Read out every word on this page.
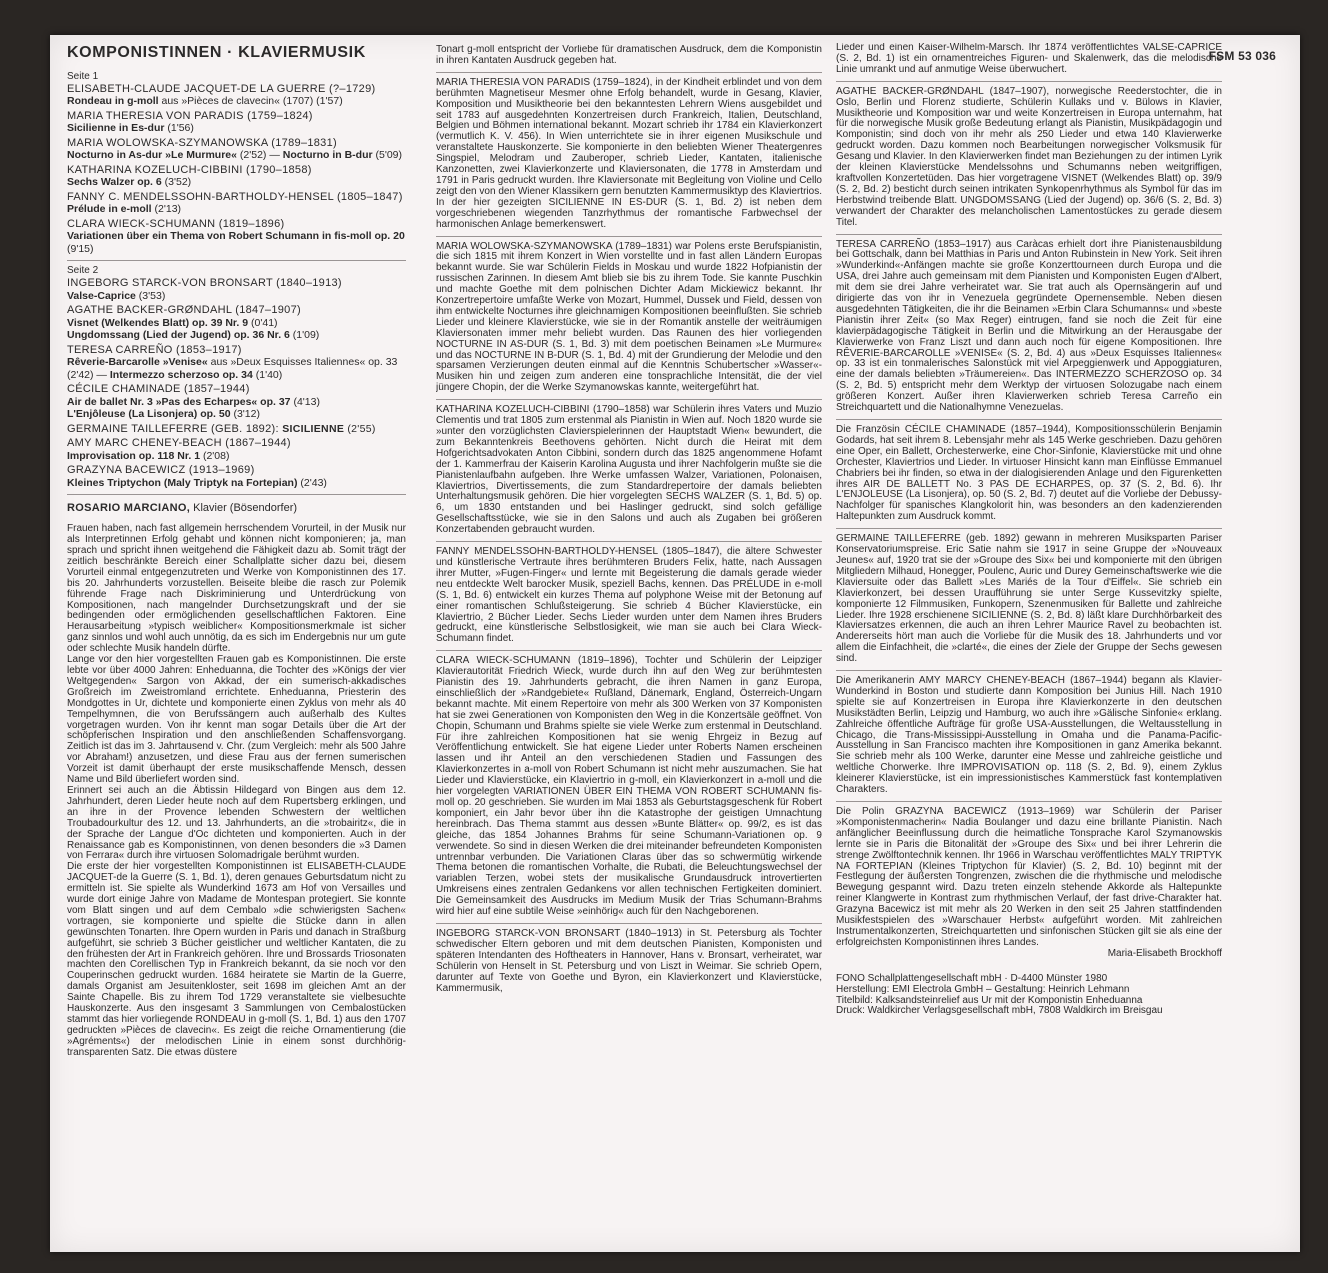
FSM 53 036
KOMPONISTINNEN · KLAVIERMUSIK
Seite 1
ELISABETH-CLAUDE JACQUET-DE LA GUERRE (?–1729)
Rondeau in g-moll aus »Pièces de clavecin« (1707) (1'57)
MARIA THERESIA VON PARADIS (1759–1824)
Sicilienne in Es-dur (1'56)
MARIA WOLOWSKA-SZYMANOWSKA (1789–1831)
Nocturno in As-dur »Le Murmure« (2'52) — Nocturno in B-dur (5'09)
KATHARINA KOZELUCH-CIBBINI (1790–1858)
Sechs Walzer op. 6 (3'52)
FANNY C. MENDELSSOHN-BARTHOLDY-HENSEL (1805–1847)
Prélude in e-moll (2'13)
CLARA WIECK-SCHUMANN (1819–1896)
Variationen über ein Thema von Robert Schumann in fis-moll op. 20 (9'15)
Seite 2
INGEBORG STARCK-VON BRONSART (1840–1913)
Valse-Caprice (3'53)
AGATHE BACKER-GRØNDAHL (1847–1907)
Visnet (Welkendes Blatt) op. 39 Nr. 9 (0'41)
Ungdomssang (Lied der Jugend) op. 36 Nr. 6 (1'09)
TERESA CARREÑO (1853–1917)
Rêverie-Barcarolle »Venise« aus »Deux Esquisses Italiennes« op. 33 (2'42) — Intermezzo scherzoso op. 34 (1'40)
CÉCILE CHAMINADE (1857–1944)
Air de ballet Nr. 3 »Pas des Echarpes« op. 37 (4'13)
L'Enjôleuse (La Lisonjera) op. 50 (3'12)
GERMAINE TAILLEFERRE (GEB. 1892): SICILIENNE (2'55)
AMY MARC CHENEY-BEACH (1867–1944)
Improvisation op. 118 Nr. 1 (2'08)
GRAZYNA BACEWICZ (1913–1969)
Kleines Triptychon (Maly Triptyk na Fortepian) (2'43)
ROSARIO MARCIANO, Klavier (Bösendorfer)

Frauen haben, nach fast allgemein herrschendem Vorurteil, in der Musik nur als Interpretinnen Erfolg gehabt und können nicht komponieren; ja, man sprach und spricht ihnen weitgehend die Fähigkeit dazu ab. Somit trägt der zeitlich beschränkte Bereich einer Schallplatte sicher dazu bei, diesem Vorurteil einmal entgegenzutreten und Werke von Komponistinnen des 17. bis 20. Jahrhunderts vorzustellen. Beiseite bleibe die rasch zur Polemik führende Frage nach Diskriminierung und Unterdrückung von Kompositionen, nach mangelnder Durchsetzungskraft und der sie bedingenden oder ermöglichenden gesellschaftlichen Faktoren. Eine Herausarbeitung »typisch weiblicher« Kompositionsmerkmale ist sicher ganz sinnlos und wohl auch unnötig, da es sich im Endergebnis nur um gute oder schlechte Musik handeln dürfte.

Lange vor den hier vorgestellten Frauen gab es Komponistinnen. Die erste lebte vor über 4000 Jahren: Enheduanna, die Tochter des »Königs der vier Weltgegenden« Sargon von Akkad, der ein sumerisch-akkadisches Großreich im Zweistromland errichtete. Enheduanna, Priesterin des Mondgottes in Ur, dichtete und komponierte einen Zyklus von mehr als 40 Tempelhymnen, die von Berufssängern auch außerhalb des Kultes vorgetragen wurden. Von ihr kennt man sogar Details über die Art der schöpferischen Inspiration und den anschließenden Schaffensvorgang. Zeitlich ist das im 3. Jahrtausend v. Chr. (zum Vergleich: mehr als 500 Jahre vor Abraham!) anzusetzen, und diese Frau aus der fernen sumerischen Vorzeit ist damit überhaupt der erste musikschaffende Mensch, dessen Name und Bild überliefert worden sind.

Erinnert sei auch an die Äbtissin Hildegard von Bingen aus dem 12. Jahrhundert, deren Lieder heute noch auf dem Rupertsberg erklingen, und an ihre in der Provence lebenden Schwestern der weltlichen Troubadourkultur des 12. und 13. Jahrhunderts, an die »trobairitz«, die in der Sprache der Langue d'Oc dichteten und komponierten. Auch in der Renaissance gab es Komponistinnen, von denen besonders die »3 Damen von Ferrara« durch ihre virtuosen Solomadrigale berühmt wurden.

Die erste der hier vorgestellten Komponistinnen ist ELISABETH-CLAUDE JACQUET-de la Guerre (S. 1, Bd. 1), deren genaues Geburtsdatum nicht zu ermitteln ist. Sie spielte als Wunderkind 1673 am Hof von Versailles und wurde dort einige Jahre von Madame de Montespan protegiert. Sie konnte vom Blatt singen und auf dem Cembalo »die schwierigsten Sachen« vortragen, sie komponierte und spielte die Stücke dann in allen gewünschten Tonarten. Ihre Opern wurden in Paris und danach in Straßburg aufgeführt, sie schrieb 3 Bücher geistlicher und weltlicher Kantaten, die zu den frühesten der Art in Frankreich gehören. Ihre und Brossards Triosonaten machten den Corellischen Typ in Frankreich bekannt, da sie noch vor den Couperinschen gedruckt wurden. 1684 heiratete sie Martin de la Guerre, damals Organist am Jesuitenkloster, seit 1698 im gleichen Amt an der Sainte Chapelle. Bis zu ihrem Tod 1729 veranstaltete sie vielbesuchte Hauskonzerte. Aus den insgesamt 3 Sammlungen von Cembalostücken stammt das hier vorliegende RONDEAU in g-moll (S. 1, Bd. 1) aus den 1707 gedruckten »Pièces de clavecin«. Es zeigt die reiche Ornamentierung (die »Agréments«) der melodischen Linie in einem sonst durchhörig-transparenten Satz. Die etwas düstere

Tonart g-moll entspricht der Vorliebe für dramatischen Ausdruck, dem die Komponistin in ihren Kantaten Ausdruck gegeben hat.

MARIA THERESIA VON PARADIS (1759–1824), in der Kindheit erblindet und von dem berühmten Magnetiseur Mesmer ohne Erfolg behandelt, wurde in Gesang, Klavier, Komposition und Musiktheorie bei den bekanntesten Lehrern Wiens ausgebildet und seit 1783 auf ausgedehnten Konzertreisen durch Frankreich, Italien, Deutschland, Belgien und Böhmen international bekannt. Mozart schrieb ihr 1784 ein Klavierkonzert (vermutlich K. V. 456). In Wien unterrichtete sie in ihrer eigenen Musikschule und veranstaltete Hauskonzerte. Sie komponierte in den beliebten Wiener Theatergenres Singspiel, Melodram und Zauberoper, schrieb Lieder, Kantaten, italienische Kanzonetten, zwei Klavierkonzerte und Klaviersonaten, die 1778 in Amsterdam und 1791 in Paris gedruckt wurden. Ihre Klaviersonate mit Begleitung von Violine und Cello zeigt den von den Wiener Klassikern gern benutzten Kammermusiktyp des Klaviertrios. In der hier gezeigten SICILIENNE IN ES-DUR (S. 1, Bd. 2) ist neben dem vorgeschriebenen wiegenden Tanzrhythmus der romantische Farbwechsel der harmonischen Anlage bemerkenswert.

MARIA WOLOWSKA-SZYMANOWSKA (1789–1831) war Polens erste Berufspianistin, die sich 1815 mit ihrem Konzert in Wien vorstellte und in fast allen Ländern Europas bekannt wurde. Sie war Schülerin Fields in Moskau und wurde 1822 Hofpianistin der russischen Zarinnen. In diesem Amt blieb sie bis zu ihrem Tode. Sie kannte Puschkin und machte Goethe mit dem polnischen Dichter Adam Mickiewicz bekannt. Ihr Konzertrepertoire umfaßte Werke von Mozart, Hummel, Dussek und Field, dessen von ihm entwickelte Nocturnes ihre gleichnamigen Kompositionen beeinflußten. Sie schrieb Lieder und kleinere Klavierstücke, wie sie in der Romantik anstelle der weiträumigen Klaviersonaten immer mehr beliebt wurden. Das Raunen des hier vorliegenden NOCTURNE IN AS-DUR (S. 1, Bd. 3) mit dem poetischen Beinamen »Le Murmure« und das NOCTURNE IN B-DUR (S. 1, Bd. 4) mit der Grundierung der Melodie und den sparsamen Verzierungen deuten einmal auf die Kenntnis Schubertscher »Wasser«-Musiken hin und zeigen zum anderen eine tonsprachliche Intensität, die der viel jüngere Chopin, der die Werke Szymanowskas kannte, weitergeführt hat.

KATHARINA KOZELUCH-CIBBINI (1790–1858) war Schülerin ihres Vaters und Muzio Clementis und trat 1805 zum erstenmal als Pianistin in Wien auf. Noch 1820 wurde sie »unter den vorzüglichsten Clavierspielerinnen der Hauptstadt Wien« bewundert, die zum Bekanntenkreis Beethovens gehörten. Nicht durch die Heirat mit dem Hofgerichtsadvokaten Anton Cibbini, sondern durch das 1825 angenommene Hofamt der 1. Kammerfrau der Kaiserin Karolina Augusta und ihrer Nachfolgerin mußte sie die Pianistenlaufbahn aufgeben. Ihre Werke umfassen Walzer, Variationen, Polonaisen, Klaviertrios, Divertissements, die zum Standardrepertoire der damals beliebten Unterhaltungsmusik gehören. Die hier vorgelegten SECHS WALZER (S. 1, Bd. 5) op. 6, um 1830 entstanden und bei Haslinger gedruckt, sind solch gefällige Gesellschaftsstücke, wie sie in den Salons und auch als Zugaben bei größeren Konzertabenden gebraucht wurden.

FANNY MENDELSSOHN-BARTHOLDY-HENSEL (1805–1847), die ältere Schwester und künstlerische Vertraute ihres berühmteren Bruders Felix, hatte, nach Aussagen ihrer Mutter, »Fugen-Finger« und lernte mit Begeisterung die damals gerade wieder neu entdeckte Welt barocker Musik, speziell Bachs, kennen. Das PRÉLUDE in e-moll (S. 1, Bd. 6) entwickelt ein kurzes Thema auf polyphone Weise mit der Betonung auf einer romantischen Schlußsteigerung. Sie schrieb 4 Bücher Klavierstücke, ein Klaviertrio, 2 Bücher Lieder. Sechs Lieder wurden unter dem Namen ihres Bruders gedruckt, eine künstlerische Selbstlosigkeit, wie man sie auch bei Clara Wieck-Schumann findet.

CLARA WIECK-SCHUMANN (1819–1896), Tochter und Schülerin der Leipziger Klavierautorität Friedrich Wieck, wurde durch ihn auf den Weg zur berühmtesten Pianistin des 19. Jahrhunderts gebracht, die ihren Namen in ganz Europa, einschließlich der »Randgebiete« Rußland, Dänemark, England, Österreich-Ungarn bekannt machte. Mit einem Repertoire von mehr als 300 Werken von 37 Komponisten hat sie zwei Generationen von Komponisten den Weg in die Konzertsäle geöffnet. Von Chopin, Schumann und Brahms spielte sie viele Werke zum erstenmal in Deutschland. Für ihre zahlreichen Kompositionen hat sie wenig Ehrgeiz in Bezug auf Veröffentlichung entwickelt. Sie hat eigene Lieder unter Roberts Namen erscheinen lassen und ihr Anteil an den verschiedenen Stadien und Fassungen des Klavierkonzertes in a-moll von Robert Schumann ist nicht mehr auszumachen. Sie hat Lieder und Klavierstücke, ein Klaviertrio in g-moll, ein Klavierkonzert in a-moll und die hier vorgelegten VARIATIONEN ÜBER EIN THEMA VON ROBERT SCHUMANN fis-moll op. 20 geschrieben. Sie wurden im Mai 1853 als Geburtstagsgeschenk für Robert komponiert, ein Jahr bevor über ihn die Katastrophe der geistigen Umnachtung hereinbrach. Das Thema stammt aus dessen »Bunte Blätter« op. 99/2, es ist das gleiche, das 1854 Johannes Brahms für seine Schumann-Variationen op. 9 verwendete. So sind in diesen Werken die drei miteinander befreundeten Komponisten untrennbar verbunden. Die Variationen Claras über das so schwermütig wirkende Thema betonen die romantischen Vorhalte, die Rubati, die Beleuchtungswechsel der variablen Terzen, wobei stets der musikalische Grundausdruck introvertierten Umkreisens eines zentralen Gedankens vor allen technischen Fertigkeiten dominiert. Die Gemeinsamkeit des Ausdrucks im Medium Musik der Trias Schumann-Brahms wird hier auf eine subtile Weise »einhörig« auch für den Nachgeborenen.

INGEBORG STARCK-VON BRONSART (1840–1913) in St. Petersburg als Tochter schwedischer Eltern geboren und mit dem deutschen Pianisten, Komponisten und späteren Intendanten des Hoftheaters in Hannover, Hans v. Bronsart, verheiratet, war Schülerin von Henselt in St. Petersburg und von Liszt in Weimar. Sie schrieb Opern, darunter auf Texte von Goethe und Byron, ein Klavierkonzert und Klavierstücke, Kammermusik,

Lieder und einen Kaiser-Wilhelm-Marsch. Ihr 1874 veröffentlichtes VALSE-CAPRICE (S. 2, Bd. 1) ist ein ornamentreiches Figuren- und Skalenwerk, das die melodische Linie umrankt und auf anmutige Weise überwuchert.

AGATHE BACKER-GRØNDAHL (1847–1907), norwegische Reederstochter, die in Oslo, Berlin und Florenz studierte, Schülerin Kullaks und v. Bülows in Klavier, Musiktheorie und Komposition war und weite Konzertreisen in Europa unternahm, hat für die norwegische Musik große Bedeutung erlangt als Pianistin, Musikpädagogin und Komponistin; sind doch von ihr mehr als 250 Lieder und etwa 140 Klavierwerke gedruckt worden. Dazu kommen noch Bearbeitungen norwegischer Volksmusik für Gesang und Klavier. In den Klavierwerken findet man Beziehungen zu der intimen Lyrik der kleinen Klavierstücke Mendelssohns und Schumanns neben weitgriffigen, kraftvollen Konzertetüden. Das hier vorgetragene VISNET (Welkendes Blatt) op. 39/9 (S. 2, Bd. 2) besticht durch seinen intrikaten Synkopenrhythmus als Symbol für das im Herbstwind treibende Blatt. UNGDOMSSANG (Lied der Jugend) op. 36/6 (S. 2, Bd. 3) verwandert der Charakter des melancholischen Lamentostückes zu gerade diesem Titel.

TERESA CARREÑO (1853–1917) aus Caràcas erhielt dort ihre Pianistenausbildung bei Gottschalk, dann bei Matthias in Paris und Anton Rubinstein in New York. Seit ihren »Wunderkind«-Anfängen machte sie große Konzerttourneen durch Europa und die USA, drei Jahre auch gemeinsam mit dem Pianisten und Komponisten Eugen d'Albert, mit dem sie drei Jahre verheiratet war. Sie trat auch als Opernsängerin auf und dirigierte das von ihr in Venezuela gegründete Opernensemble. Neben diesen ausgedehnten Tätigkeiten, die ihr die Beinamen »Erbin Clara Schumanns« und »beste Pianistin ihrer Zeit« (so Max Reger) eintrugen, fand sie noch die Zeit für eine klavierpädagogische Tätigkeit in Berlin und die Mitwirkung an der Herausgabe der Klavierwerke von Franz Liszt und dann auch noch für eigene Kompositionen. Ihre RÊVERIE-BARCAROLLE »VENISE« (S. 2, Bd. 4) aus »Deux Esquisses Italiennes« op. 33 ist ein tonmalerisches Salonstück mit viel Arpeggienwerk und Appoggiaturen, eine der damals beliebten »Träumereien«. Das INTERMEZZO SCHERZOSO op. 34 (S. 2, Bd. 5) entspricht mehr dem Werktyp der virtuosen Solozugabe nach einem größeren Konzert. Außer ihren Klavierwerken schrieb Teresa Carreño ein Streichquartett und die Nationalhymne Venezuelas.

Die Französin CÉCILE CHAMINADE (1857–1944), Kompositionsschülerin Benjamin Godards, hat seit ihrem 8. Lebensjahr mehr als 145 Werke geschrieben. Dazu gehören eine Oper, ein Ballett, Orchesterwerke, eine Chor-Sinfonie, Klavierstücke mit und ohne Orchester, Klaviertrios und Lieder. In virtuoser Hinsicht kann man Einflüsse Emmanuel Chabriers bei ihr finden, so etwa in der dialogisierenden Anlage und den Figurenketten ihres AIR DE BALLETT No. 3 PAS DE ECHARPES, op. 37 (S. 2, Bd. 6). Ihr L'ENJOLEUSE (La Lisonjera), op. 50 (S. 2, Bd. 7) deutet auf die Vorliebe der Debussy-Nachfolger für spanisches Klangkolorit hin, was besonders an den kadenzierenden Haltepunkten zum Ausdruck kommt.

GERMAINE TAILLEFERRE (geb. 1892) gewann in mehreren Musiksparten Pariser Konservatoriumspreise. Eric Satie nahm sie 1917 in seine Gruppe der »Nouveaux Jeunes« auf, 1920 trat sie der »Groupe des Six« bei und komponierte mit den übrigen Mitgliedern Milhaud, Honegger, Poulenc, Auric und Durey Gemeinschaftswerke wie die Klaviersuite oder das Ballett »Les Mariés de la Tour d'Eiffel«. Sie schrieb ein Klavierkonzert, bei dessen Uraufführung sie unter Serge Kussevitzky spielte, komponierte 12 Filmmusiken, Funkopern, Szenenmusiken für Ballette und zahlreiche Lieder. Ihre 1928 erschienene SICILIENNE (S. 2, Bd. 8) läßt klare Durchhörbarkeit des Klaviersatzes erkennen, die auch an ihren Lehrer Maurice Ravel zu beobachten ist. Andererseits hört man auch die Vorliebe für die Musik des 18. Jahrhunderts und vor allem die Einfachheit, die »clarté«, die eines der Ziele der Gruppe der Sechs gewesen sind.

Die Amerikanerin AMY MARCY CHENEY-BEACH (1867–1944) begann als Klavier-Wunderkind in Boston und studierte dann Komposition bei Junius Hill. Nach 1910 spielte sie auf Konzertreisen in Europa ihre Klavierkonzerte in den deutschen Musikstädten Berlin, Leipzig und Hamburg, wo auch ihre »Gälische Sinfonie« erklang. Zahlreiche öffentliche Aufträge für große USA-Ausstellungen, die Weltausstellung in Chicago, die Trans-Mississippi-Ausstellung in Omaha und die Panama-Pacific-Ausstellung in San Francisco machten ihre Kompositionen in ganz Amerika bekannt. Sie schrieb mehr als 100 Werke, darunter eine Messe und zahlreiche geistliche und weltliche Chorwerke. Ihre IMPROVISATION op. 118 (S. 2, Bd. 9), einem Zyklus kleinerer Klavierstücke, ist ein impressionistisches Kammerstück fast kontemplativen Charakters.

Die Polin GRAZYNA BACEWICZ (1913–1969) war Schülerin der Pariser »Komponistenmacherin« Nadia Boulanger und dazu eine brillante Pianistin. Nach anfänglicher Beeinflussung durch die heimatliche Tonsprache Karol Szymanowskis lernte sie in Paris die Bitonalität der »Groupe des Six« und bei ihrer Lehrerin die strenge Zwölftontechnik kennen. Ihr 1966 in Warschau veröffentlichtes MALY TRIPTYK NA FORTEPIAN (Kleines Triptychon für Klavier) (S. 2, Bd. 10) beginnt mit der Festlegung der äußersten Tongrenzen, zwischen die die rhythmische und melodische Bewegung gespannt wird. Dazu treten einzeln stehende Akkorde als Haltepunkte reiner Klangwerte in Kontrast zum rhythmischen Verlauf, der fast drive-Charakter hat. Grazyna Bacewicz ist mit mehr als 20 Werken in den seit 25 Jahren stattfindenden Musikfestspielen des »Warschauer Herbst« aufgeführt worden. Mit zahlreichen Instrumentalkonzerten, Streichquartetten und sinfonischen Stücken gilt sie als eine der erfolgreichsten Komponistinnen ihres Landes.

Maria-Elisabeth Brockhoff
FONO Schallplattengesellschaft mbH · D-4400 Münster 1980
Herstellung: EMI Electrola GmbH – Gestaltung: Heinrich Lehmann
Titelbild: Kalksandsteinrelief aus Ur mit der Komponistin Enheduanna
Druck: Waldkircher Verlagsgesellschaft mbH, 7808 Waldkirch im Breisgau
